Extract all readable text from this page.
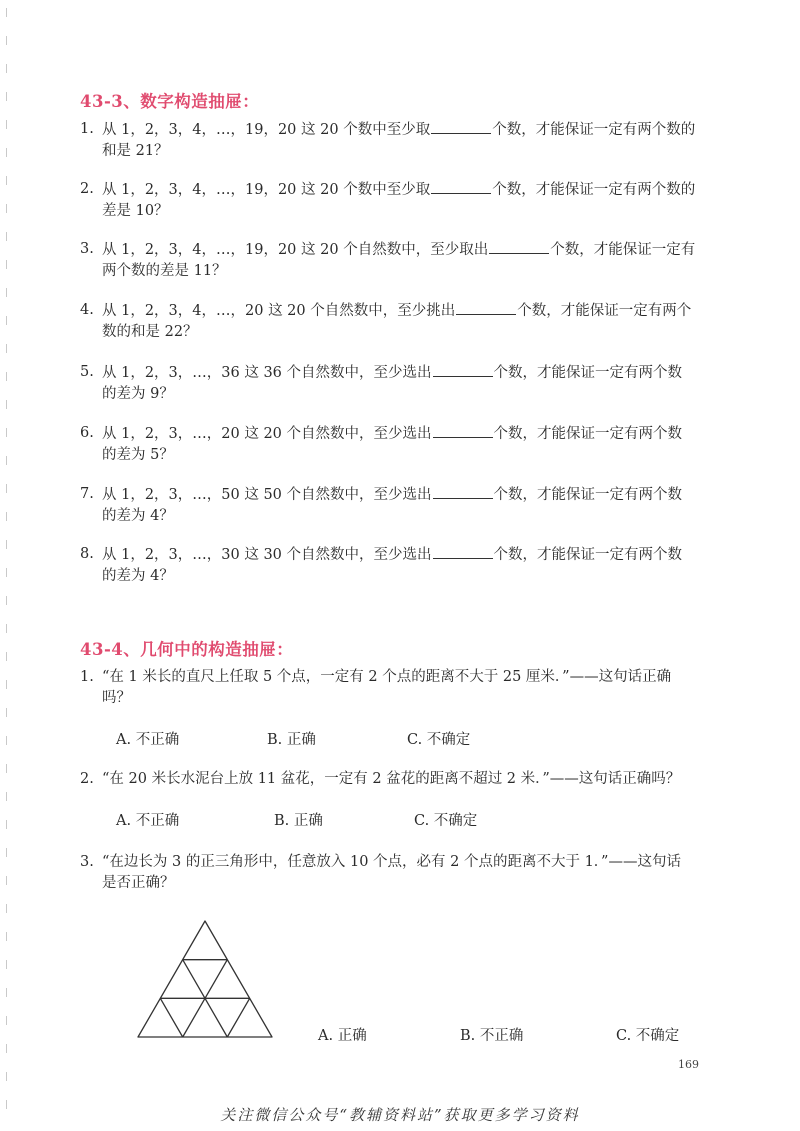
43-3、数字构造抽屉：
1. 从 1，2，3，4，…，19，20 这 20 个数中至少取	个数，才能保证一定有两个数的
和是 21？
2. 从 1，2，3，4，…，19，20 这 20 个数中至少取	个数，才能保证一定有两个数的
差是 10？
3. 从 1，2，3，4，…，19，20 这 20 个自然数中，至少取出	个数，才能保证一定有
两个数的差是 11？
4. 从 1，2，3，4，…，20 这 20 个自然数中，至少挑出	个数，才能保证一定有两个
数的和是 22？
5. 从 1，2，3，…，36 这 36 个自然数中，至少选出	个数，才能保证一定有两个数
的差为 9？
6. 从 1，2，3，…，20 这 20 个自然数中，至少选出	个数，才能保证一定有两个数
的差为 5？
7. 从 1，2，3，…，50 这 50 个自然数中，至少选出	个数，才能保证一定有两个数
的差为 4？
8. 从 1，2，3，…，30 这 30 个自然数中，至少选出	个数，才能保证一定有两个数
的差为 4？
43-4、几何中的构造抽屉：
1. “在 1 米长的直尺上任取 5 个点，一定有 2 个点的距离不大于 25 厘米．”——这句话正确
吗？
A. 不正确	B. 正确	C. 不确定
2. “在 20 米长水泥台上放 11 盆花，一定有 2 盆花的距离不超过 2 米．”——这句话正确吗？
A. 不正确	B. 正确	C. 不确定
3. “在边长为 3 的正三角形中，任意放入 10 个点，必有 2 个点的距离不大于 1．”——这句话
是否正确？
A. 正确	B. 不正确	C. 不确定
169
关注微信公众号“教辅资料站”获取更多学习资料
